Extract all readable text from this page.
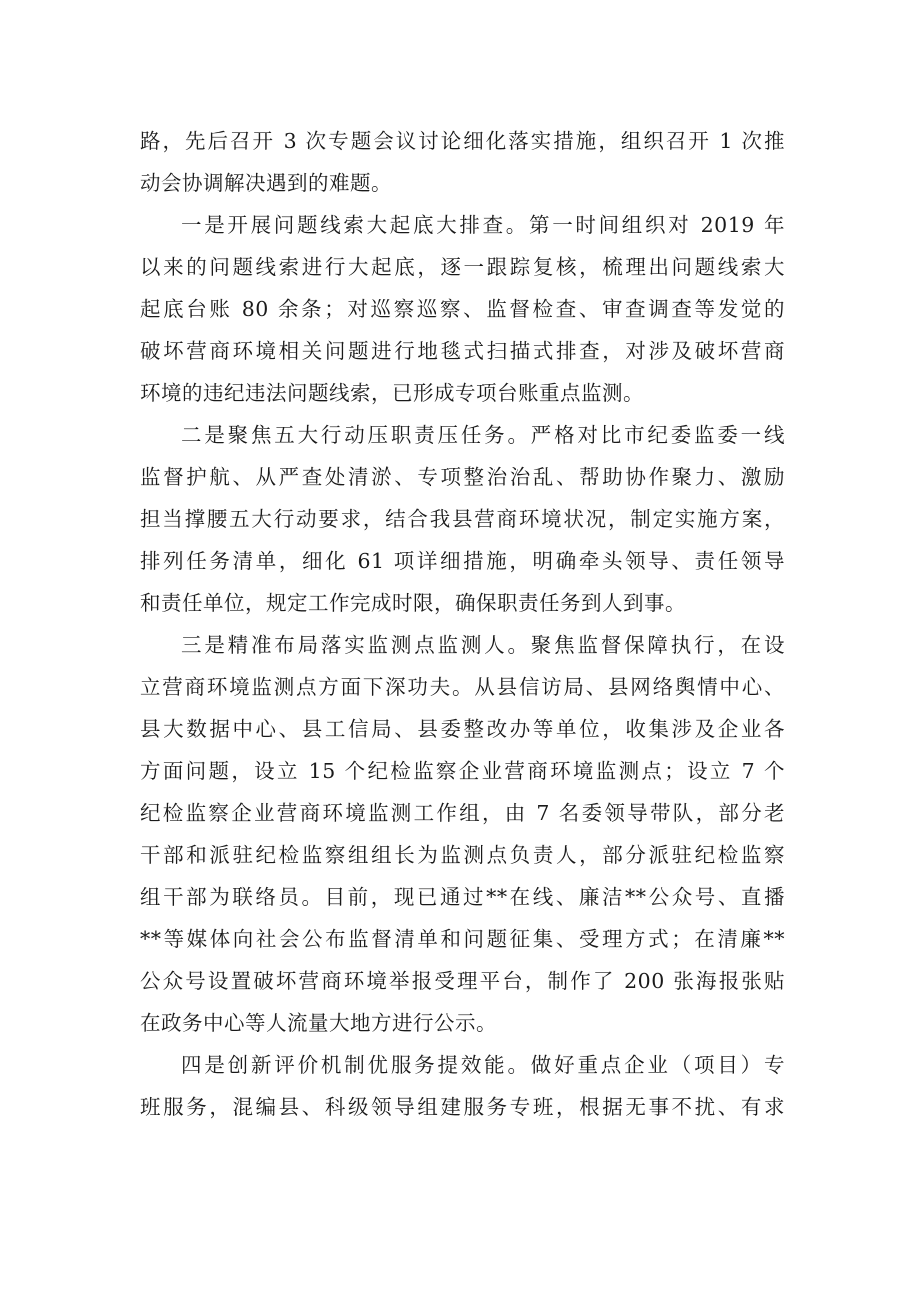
路，先后召开 3 次专题会议讨论细化落实措施，组织召开 1 次推
动会协调解决遇到的难题。
一是开展问题线索大起底大排查。第一时间组织对 2019 年
以来的问题线索进行大起底，逐一跟踪复核，梳理出问题线索大
起底台账 80 余条；对巡察巡察、监督检查、审查调查等发觉的
破坏营商环境相关问题进行地毯式扫描式排查，对涉及破坏营商
环境的违纪违法问题线索，已形成专项台账重点监测。
二是聚焦五大行动压职责压任务。严格对比市纪委监委一线
监督护航、从严查处清淤、专项整治治乱、帮助协作聚力、激励
担当撑腰五大行动要求，结合我县营商环境状况，制定实施方案，
排列任务清单，细化 61 项详细措施，明确牵头领导、责任领导
和责任单位，规定工作完成时限，确保职责任务到人到事。
三是精准布局落实监测点监测人。聚焦监督保障执行，在设
立营商环境监测点方面下深功夫。从县信访局、县网络舆情中心、
县大数据中心、县工信局、县委整改办等单位，收集涉及企业各
方面问题，设立 15 个纪检监察企业营商环境监测点；设立 7 个
纪检监察企业营商环境监测工作组，由 7 名委领导带队，部分老
干部和派驻纪检监察组组长为监测点负责人，部分派驻纪检监察
组干部为联络员。目前，现已通过**在线、廉洁**公众号、直播
**等媒体向社会公布监督清单和问题征集、受理方式；在清廉**
公众号设置破坏营商环境举报受理平台，制作了 200 张海报张贴
在政务中心等人流量大地方进行公示。
四是创新评价机制优服务提效能。做好重点企业（项目）专
班服务，混编县、科级领导组建服务专班，根据无事不扰、有求
